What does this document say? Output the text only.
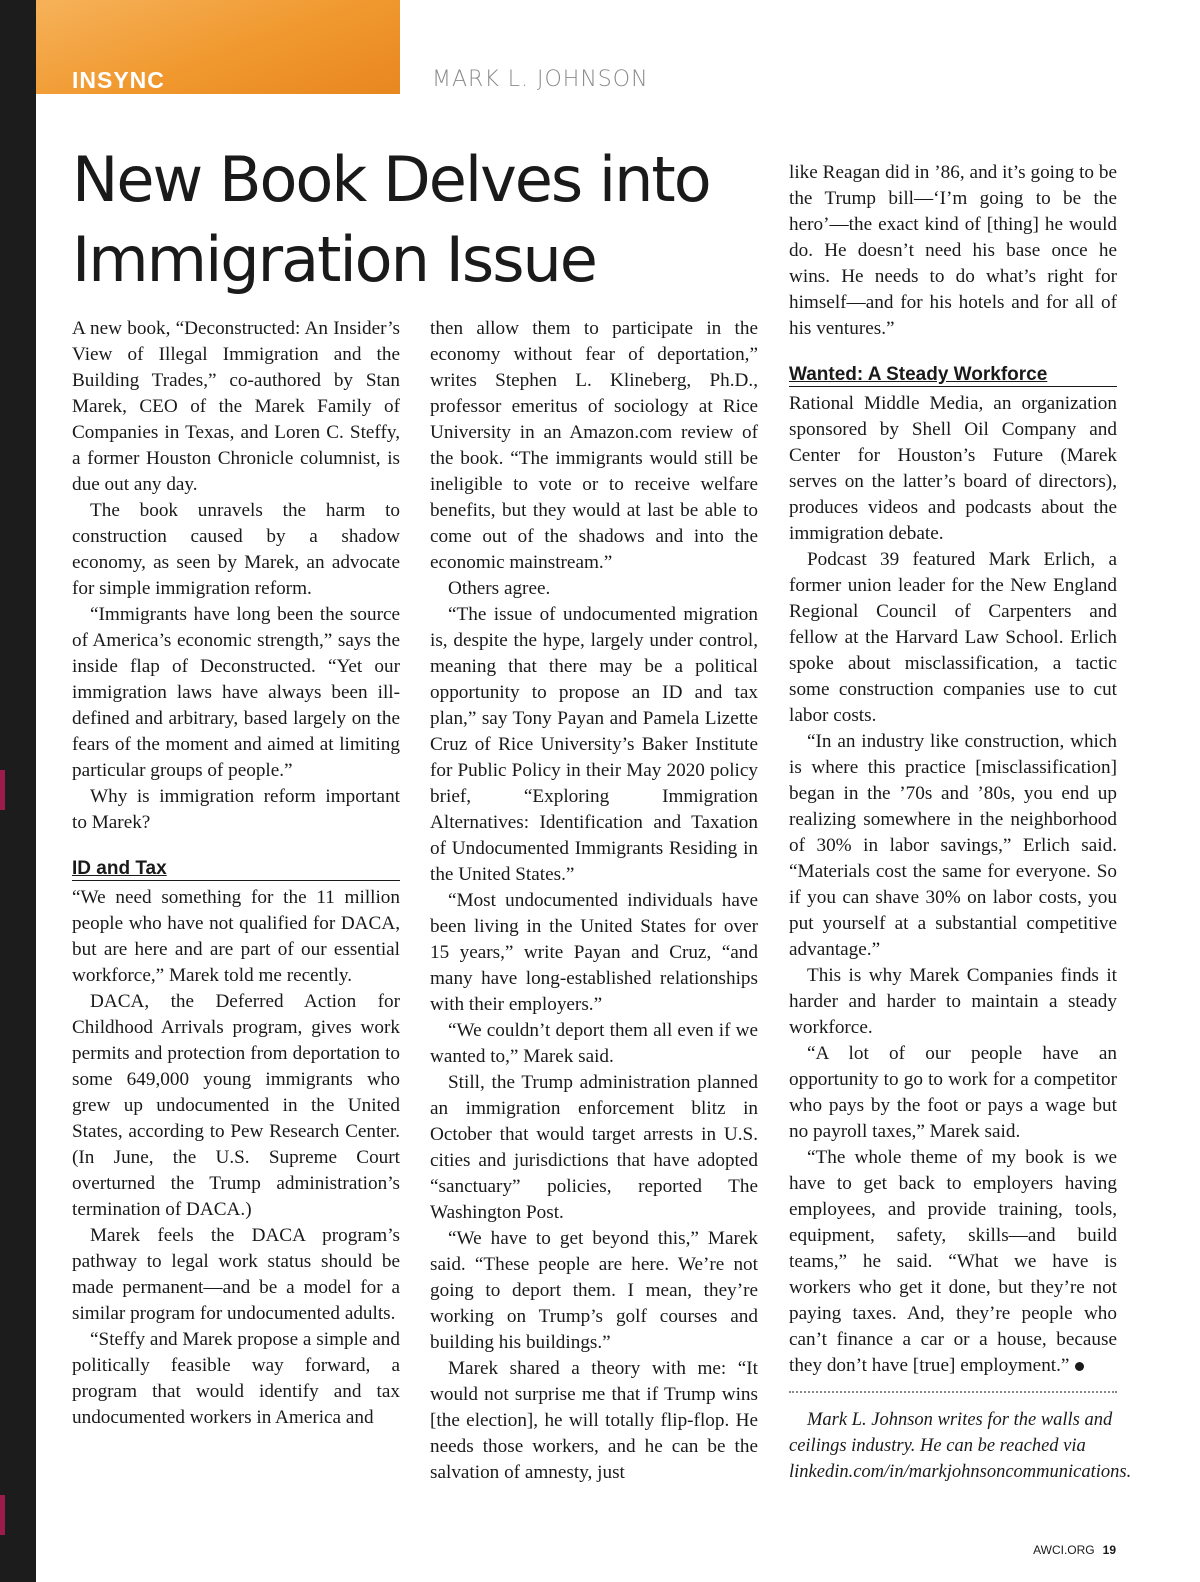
INSYNC	MARK L. JOHNSON

New Book Delves into Immigration Issue

A new book, “Deconstructed: An Insider’s View of Illegal Immigration and the Building Trades,” co-authored by Stan Marek, CEO of the Marek Family of Companies in Texas, and Loren C. Steffy, a former Houston Chronicle columnist, is due out any day.

The book unravels the harm to construction caused by a shadow economy, as seen by Marek, an advocate for simple immigration reform.

“Immigrants have long been the source of America’s economic strength,” says the inside flap of Deconstructed. “Yet our immigration laws have always been ill-defined and arbitrary, based largely on the fears of the moment and aimed at limiting particular groups of people.”

Why is immigration reform important to Marek?

ID and Tax

“We need something for the 11 million people who have not qualified for DACA, but are here and are part of our essential workforce,” Marek told me recently.

DACA, the Deferred Action for Childhood Arrivals program, gives work permits and protection from deportation to some 649,000 young immigrants who grew up undocumented in the United States, according to Pew Research Center. (In June, the U.S. Supreme Court overturned the Trump administration’s termination of DACA.)

Marek feels the DACA program’s pathway to legal work status should be made permanent—and be a model for a similar program for undocumented adults.

“Steffy and Marek propose a simple and politically feasible way forward, a program that would identify and tax undocumented workers in America and

then allow them to participate in the economy without fear of deportation,” writes Stephen L. Klineberg, Ph.D., professor emeritus of sociology at Rice University in an Amazon.com review of the book. “The immigrants would still be ineligible to vote or to receive welfare benefits, but they would at last be able to come out of the shadows and into the economic mainstream.”

Others agree.

“The issue of undocumented migration is, despite the hype, largely under control, meaning that there may be a political opportunity to propose an ID and tax plan,” say Tony Payan and Pamela Lizette Cruz of Rice University’s Baker Institute for Public Policy in their May 2020 policy brief, “Exploring Immigration Alternatives: Identification and Taxation of Undocumented Immigrants Residing in the United States.”

“Most undocumented individuals have been living in the United States for over 15 years,” write Payan and Cruz, “and many have long-established relationships with their employers.”

“We couldn’t deport them all even if we wanted to,” Marek said.

Still, the Trump administration planned an immigration enforcement blitz in October that would target arrests in U.S. cities and jurisdictions that have adopted “sanctuary” policies, reported The Washington Post.

“We have to get beyond this,” Marek said. “These people are here. We’re not going to deport them. I mean, they’re working on Trump’s golf courses and building his buildings.”

Marek shared a theory with me: “It would not surprise me that if Trump wins [the election], he will totally flip-flop. He needs those workers, and he can be the salvation of amnesty, just

like Reagan did in ’86, and it’s going to be the Trump bill—‘I’m going to be the hero’—the exact kind of [thing] he would do. He doesn’t need his base once he wins. He needs to do what’s right for himself—and for his hotels and for all of his ventures.”

Wanted: A Steady Workforce

Rational Middle Media, an organization sponsored by Shell Oil Company and Center for Houston’s Future (Marek serves on the latter’s board of directors), produces videos and podcasts about the immigration debate.

Podcast 39 featured Mark Erlich, a former union leader for the New England Regional Council of Carpenters and fellow at the Harvard Law School. Erlich spoke about misclassification, a tactic some construction companies use to cut labor costs.

“In an industry like construction, which is where this practice [misclassification] began in the ’70s and ’80s, you end up realizing somewhere in the neighborhood of 30% in labor savings,” Erlich said. “Materials cost the same for everyone. So if you can shave 30% on labor costs, you put yourself at a substantial competitive advantage.”

This is why Marek Companies finds it harder and harder to maintain a steady workforce.

“A lot of our people have an opportunity to go to work for a competitor who pays by the foot or pays a wage but no payroll taxes,” Marek said.

“The whole theme of my book is we have to get back to employers having employees, and provide training, tools, equipment, safety, skills—and build teams,” he said. “What we have is workers who get it done, but they’re not paying taxes. And, they’re people who can’t finance a car or a house, because they don’t have [true] employment.”

Mark L. Johnson writes for the walls and ceilings industry. He can be reached via linkedin.com/in/markjohnsoncommunications.

AWCI.ORG 19
